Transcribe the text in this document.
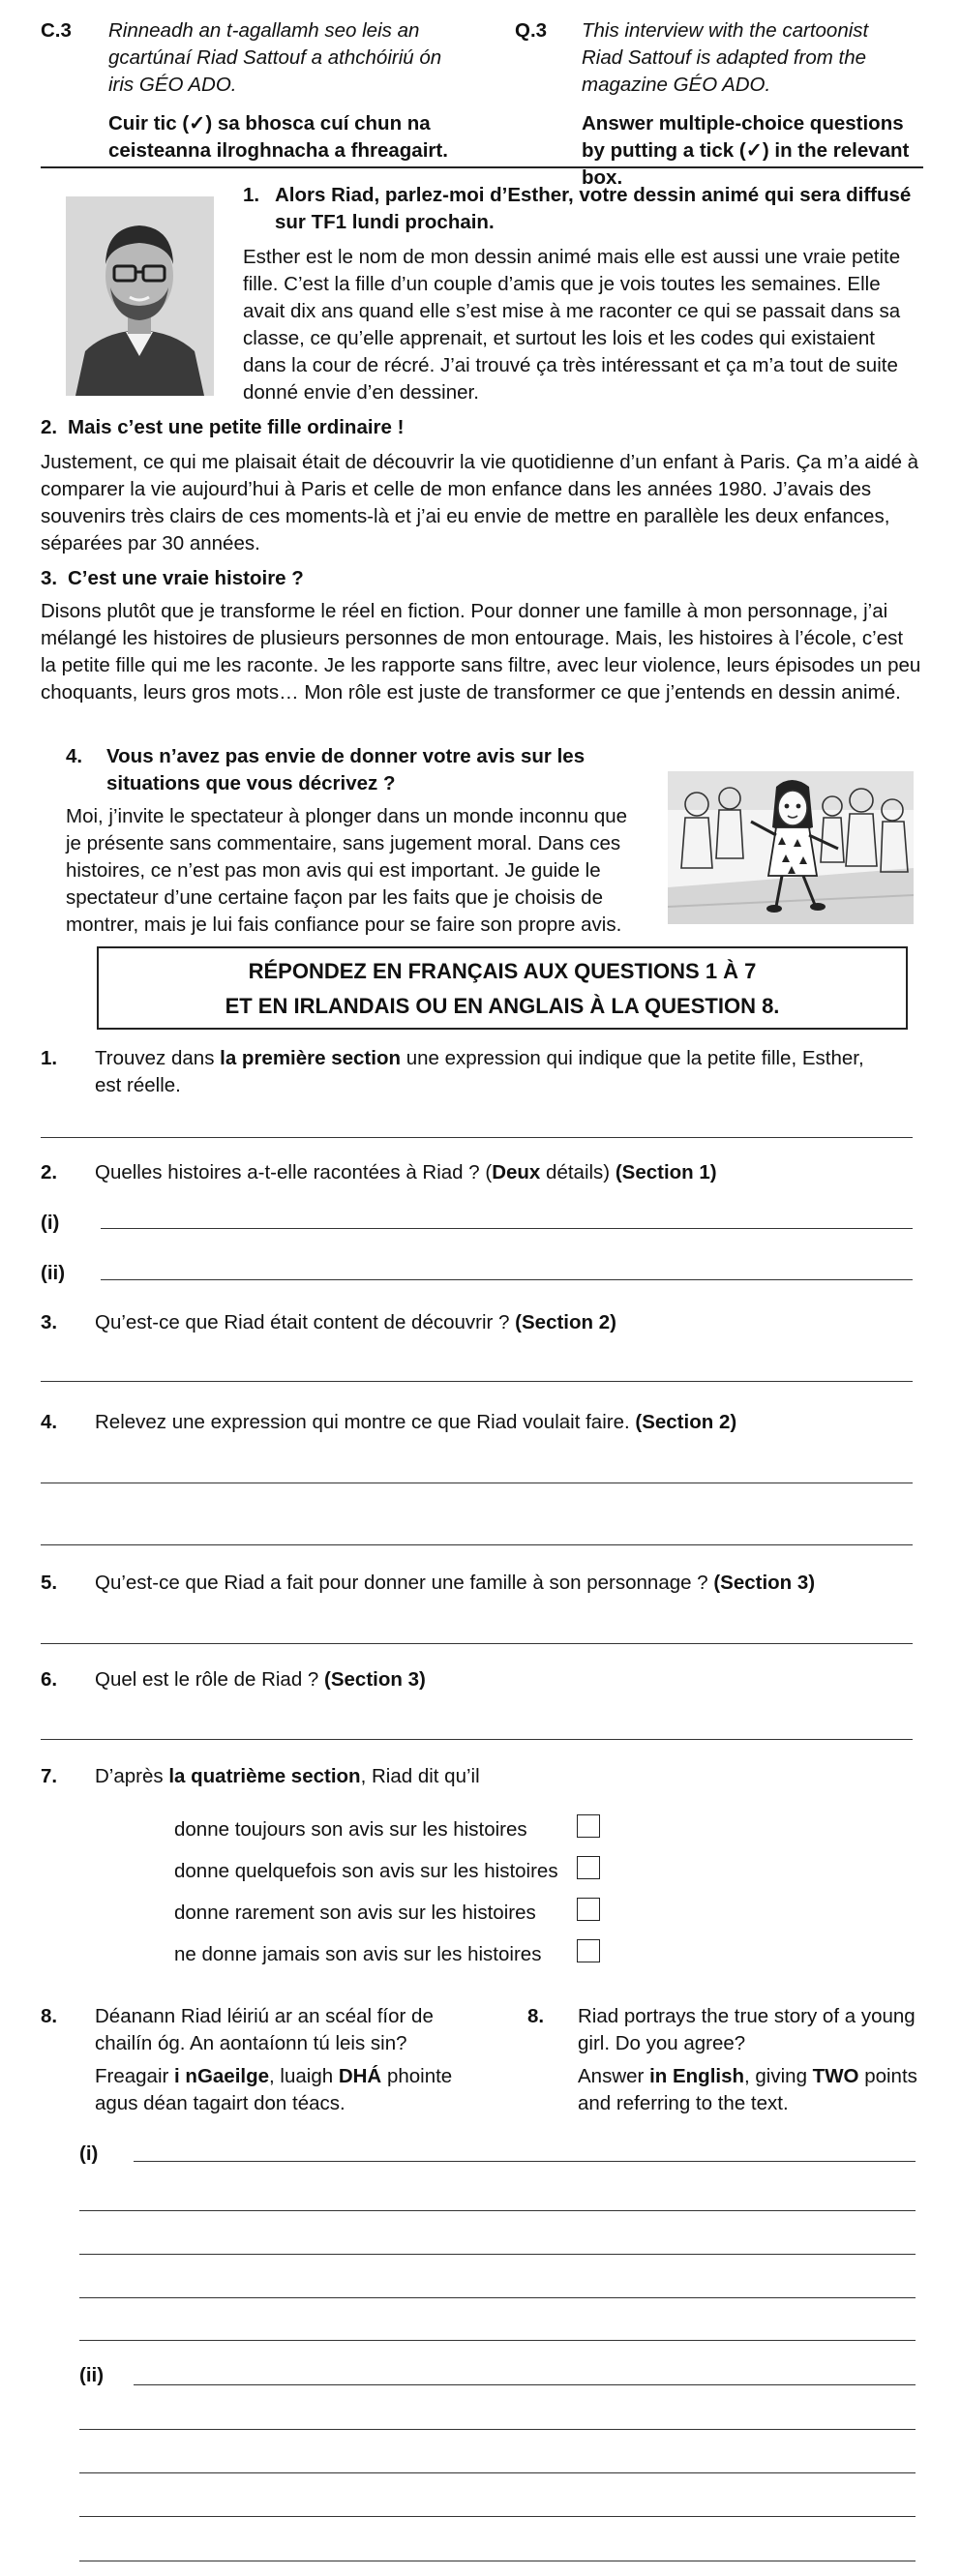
C.3 Rinneadh an t-agallamh seo leis an gcartúnaí Riad Sattouf a athchóiriú ón iris GÉO ADO.
Cuir tic (✓) sa bhosca cuí chun na ceisteanna ilroghnacha a fhreagairt.
Q.3 This interview with the cartoonist Riad Sattouf is adapted from the magazine GÉO ADO.
Answer multiple-choice questions by putting a tick (✓) in the relevant box.
1. Alors Riad, parlez-moi d’Esther, votre dessin animé qui sera diffusé sur TF1 lundi prochain.
Esther est le nom de mon dessin animé mais elle est aussi une vraie petite fille. C’est la fille d’un couple d’amis que je vois toutes les semaines. Elle avait dix ans quand elle s’est mise à me raconter ce qui se passait dans sa classe, ce qu’elle apprenait, et surtout les lois et les codes qui existaient dans la cour de récré. J’ai trouvé ça très intéressant et ça m’a tout de suite donné envie d’en dessiner.
2. Mais c’est une petite fille ordinaire !
Justement, ce qui me plaisait était de découvrir la vie quotidienne d’un enfant à Paris. Ça m’a aidé à comparer la vie aujourd’hui à Paris et celle de mon enfance dans les années 1980. J’avais des souvenirs très clairs de ces moments-là et j’ai eu envie de mettre en parallèle les deux enfances, séparées par 30 années.
3. C’est une vraie histoire ?
Disons plutôt que je transforme le réel en fiction. Pour donner une famille à mon personnage, j’ai mélangé les histoires de plusieurs personnes de mon entourage. Mais, les histoires à l’école, c’est la petite fille qui me les raconte. Je les rapporte sans filtre, avec leur violence, leurs épisodes un peu choquants, leurs gros mots… Mon rôle est juste de transformer ce que j’entends en dessin animé.
4. Vous n’avez pas envie de donner votre avis sur les situations que vous décrivez ?
Moi, j’invite le spectateur à plonger dans un monde inconnu que je présente sans commentaire, sans jugement moral. Dans ces histoires, ce n’est pas mon avis qui est important. Je guide le spectateur d’une certaine façon par les faits que je choisis de montrer, mais je lui fais confiance pour se faire son propre avis.
RÉPONDEZ EN FRANÇAIS AUX QUESTIONS 1 À 7
ET EN IRLANDAIS OU EN ANGLAIS À LA QUESTION 8.
1. Trouvez dans la première section une expression qui indique que la petite fille, Esther, est réelle.
2. Quelles histoires a-t-elle racontées à Riad ? (Deux détails) (Section 1)
(i)
(ii)
3. Qu’est-ce que Riad était content de découvrir ? (Section 2)
4. Relevez une expression qui montre ce que Riad voulait faire. (Section 2)
5. Qu’est-ce que Riad a fait pour donner une famille à son personnage ? (Section 3)
6. Quel est le rôle de Riad ? (Section 3)
7. D’après la quatrième section, Riad dit qu’il
donne toujours son avis sur les histoires
donne quelquefois son avis sur les histoires
donne rarement son avis sur les histoires
ne donne jamais son avis sur les histoires
8. Déanann Riad léiriú ar an scéal fíor de chailín óg. An aontaíonn tú leis sin?
Freagair i nGaeilge, luaigh DHÁ phointe agus déan tagairt don téacs.
8. Riad portrays the true story of a young girl. Do you agree?
Answer in English, giving TWO points and referring to the text.
(i)
(ii)
